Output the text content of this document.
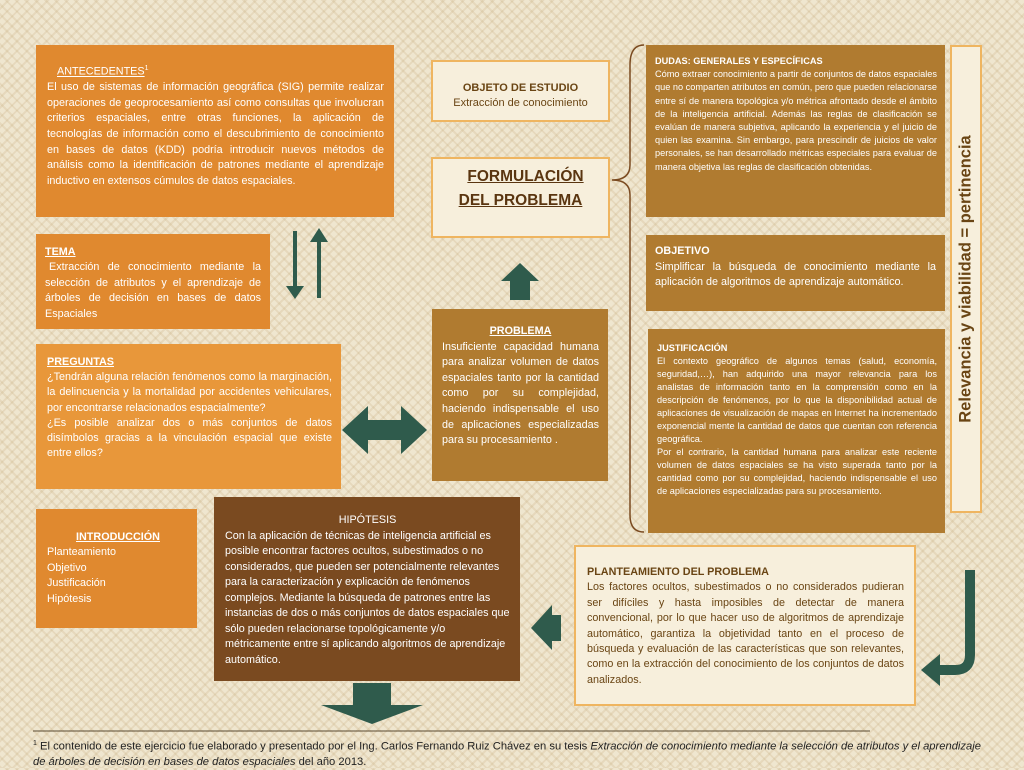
ANTECEDENTES$^1$

El uso de sistemas de información geográfica (SIG) permite realizar operaciones de geoprocesamiento así como consultas que involucran criterios espaciales, entre otras funciones, la aplicación de tecnologías de información como el descubrimiento de conocimiento en bases de datos (KDD) podría introducir nuevos métodos de análisis como la identificación de patrones mediante el aprendizaje inductivo en extensos cúmulos de datos espaciales.

OBJETO DE ESTUDIO

Extracción de conocimiento

FORMULACIÓN

DEL PROBLEMA

DUDAS: GENERALES Y ESPECÍFICAS

Cómo extraer conocimiento a partir de conjuntos de datos espaciales que no comparten atributos en común, pero que pueden relacionarse entre sí de manera topológica y/o métrica afrontado desde el ámbito de la inteligencia artificial. Además las reglas de clasificación se evalúan de manera subjetiva, aplicando la experiencia y el juicio de quien las examina. Sin embargo, para prescindir de juicios de valor personales, se han desarrollado métricas especiales para evaluar de manera objetiva las reglas de clasificación obtenidas.	Relevancia y viabilidad = pertinencia

TEMA

Extracción de conocimiento mediante la selección de atributos y el aprendizaje de árboles de decisión en bases de datos Espaciales

OBJETIVO

Simplificar la búsqueda de conocimiento mediante la aplicación de algoritmos de aprendizaje automático.

PREGUNTAS

¿Tendrán alguna relación fenómenos como la marginación, la delincuencia y la mortalidad por accidentes vehiculares, por encontrarse relacionados espacialmente?

¿Es posible analizar dos o más conjuntos de datos disímbolos gracias a la vinculación espacial que existe entre ellos?

PROBLEMA

Insuficiente capacidad humana para analizar volumen de datos espaciales tanto por la cantidad como por su complejidad, haciendo indispensable el uso de aplicaciones especializadas para su procesamiento .

JUSTIFICACIÓN

El contexto geográfico de algunos temas (salud, economía, seguridad,…), han adquirido una mayor relevancia para los analistas de información tanto en la comprensión como en la descripción de fenómenos, por lo que la disponibilidad actual de aplicaciones de visualización de mapas en Internet ha incrementado exponencial mente la cantidad de datos que cuentan con referencia geográfica.

Por el contrario, la cantidad humana para analizar este reciente volumen de datos espaciales se ha visto superada tanto por la cantidad como por su complejidad, haciendo indispensable el uso de aplicaciones especializadas para su procesamiento.

INTRODUCCIÓN

Planteamiento

Objetivo

Justificación

Hipótesis

HIPÓTESIS

Con la aplicación de técnicas de inteligencia artificial es posible encontrar factores ocultos, subestimados o no considerados, que pueden ser potencialmente relevantes para la caracterización y explicación de fenómenos complejos. Mediante la búsqueda de patrones entre las instancias de dos o más conjuntos de datos espaciales que sólo pueden relacionarse topológicamente y/o métricamente entre sí aplicando algoritmos de aprendizaje automático.

PLANTEAMIENTO DEL PROBLEMA

Los factores ocultos, subestimados o no considerados pudieran ser difíciles y hasta imposibles de detectar de manera convencional, por lo que hacer uso de algoritmos de aprendizaje automático, garantiza la objetividad tanto en el proceso de búsqueda y evaluación de las características que son relevantes, como en la extracción del conocimiento de los conjuntos de datos analizados.

$^1$ El contenido de este ejercicio fue elaborado y presentado por el Ing. Carlos Fernando Ruiz Chávez en su tesis Extracción de conocimiento mediante la selección de atributos y el aprendizaje de árboles de decisión en bases de datos espaciales del año 2013.
